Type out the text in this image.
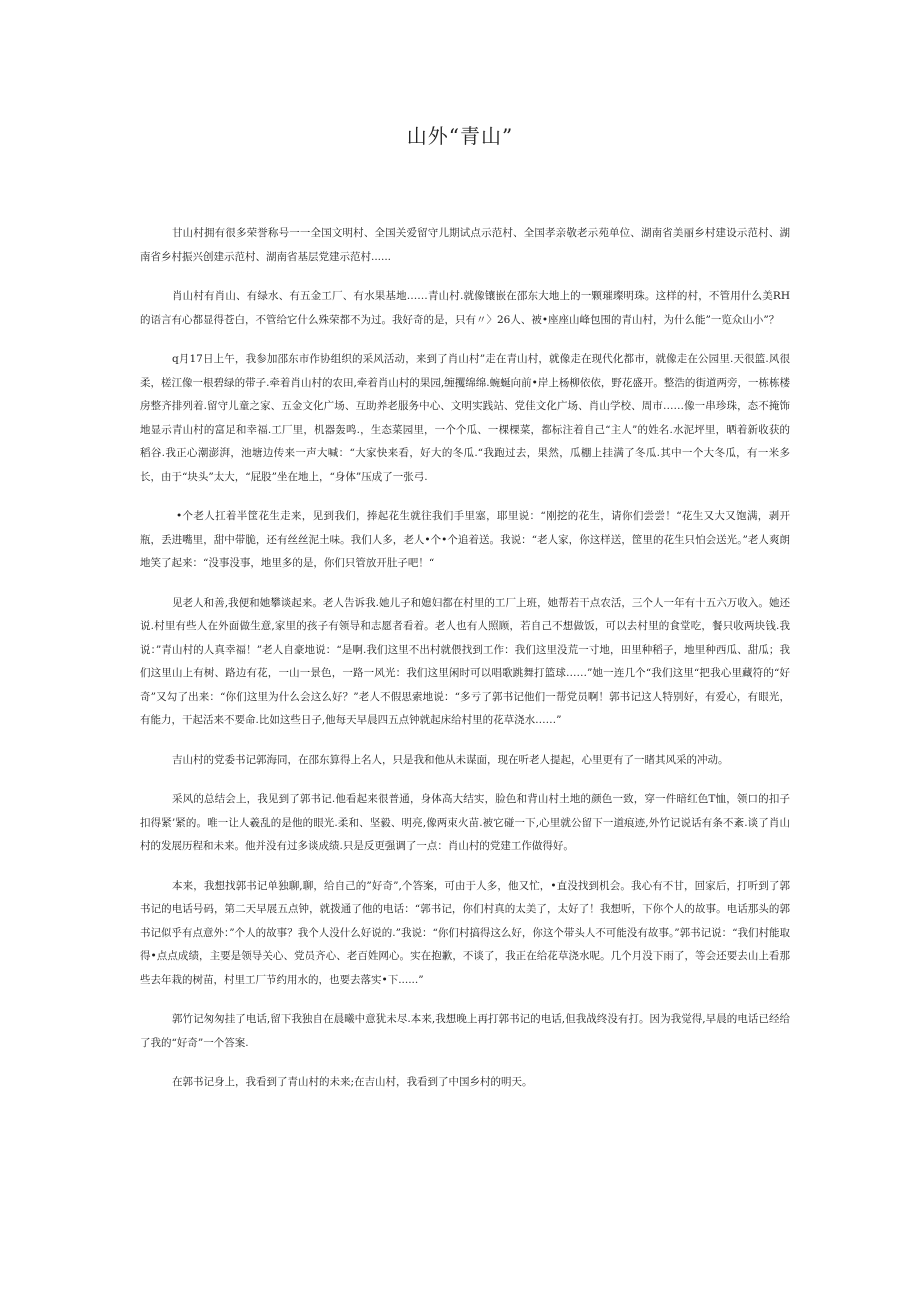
山外“青山”

甘山村拥有很多荣誉称号一一全国文明村、全国关爱留守儿期试点示范村、全国孝亲敬老示苑单位、湖南省美丽乡村建设示范村、湖南省乡村振兴创建示范村、湖南省基层党建示范村......

肖山村有肖山、有绿水、有五金工厂、有水果基地……青山村.就像镶嵌在邵东大地上的一颗璀璨明珠。这样的村，不管用什么美RH的语言有心都显得苍白，不管给它什么殊荣都不为过。我好奇的是，只有〃〉26人、被•座座山峰包围的青山村，为什么能”一览众山小”？

q月17日上午，我参加邵东市作协组织的采风活动，来到了肖山村”走在青山村，就像走在现代化都市，就像走在公园里.天很篮.风很柔，槎江像一根碧绿的带子.牵着肖山村的农田,牵着肖山村的果园,缠攫绵绵.蜿蜒向前•岸上杨柳依依，野花盛开。整浩的街道两旁，一栋栋楼房整齐排列着.留守儿童之家、五金文化广场、互助养老服务中心、文明实践站、党佳文化广场、肖山学校、周市……像一串珍珠，态不掩饰地显示青山村的富足和幸福.工厂里，机器轰鸣.，生态菜园里，一个个瓜、一棵棵菜，都标注着自己“主人”的姓名.水泥坪里，晒着新收获的稻谷.我正心潮澎湃，池塘边传来一声大喊：“大家快来看，好大的冬瓜.“我跑过去，果然，瓜棚上挂满了冬瓜.其中一个大冬瓜，有一米多长，由于“块头”太大，“屁股”坐在地上，“身体”压成了一张弓.

•个老人扛着半筐花生走来，见到我们，捧起花生就往我们手里塞，耶里说：“刚挖的花生，请你们尝尝！“花生又大又饱满，剥开瓶，丢进嘴里，甜中带脆，还有丝丝泥土味。我们人多，老人•个•个追着送。我说：“老人家，你这样送，筐里的花生只怕会送光。”老人爽朗地笑了起来：“没事没事，地里多的是，你们只管放开肚子吧！“

见老人和善,我便和她攀谈起来。老人告诉我.她儿子和媳妇都在村里的工厂上班，她帮若干点农活，三个人一年有十五六万收入。她还说.村里有些人在外面做生意,家里的孩子有领导和志愿者看着。老人也有人照顾，若自己不想做饭，可以去村里的食堂吃，餐只收两块钱.我说：”青山村的人真幸福！”老人自豪地说：“是啊.我们这里不出村就偎找到工作：我们这里没荒一寸地，田里种稻子，地里种西瓜、甜瓜；我们这里山上有树、路边有花，一山一景色，一路一风光：我们这里闲时可以唱歌跳舞打篮球……”她一连几个“我们这里“把我心里藏符的“好奇”又勾了出来：“你们这里为什么会这么好？”老人不假思索地说：“多亏了郭书记他们一帮党员啊！郭书记这人特别好，有爱心，有眼光，有能力，干起活来不要命.比如这些日子,他每天早晨四五点钟就起床给村里的花草浇水……”

吉山村的党委书记郭海同，在邵东算得上名人，只是我和他从未谋面，现在听老人提起，心里更有了一睹其风采的冲动。

采风的总结会上，我见到了郭书记.他看起来很普通，身体高大结实，脸色和背山村土地的颜色一致，穿一件暗红色T恤，领口的扣子扣得紧’紧的。唯一让人羲乱的是他的眼光.柔和、坚毅、明亮,像两束火苗.被它碰一下,心里就公留下一道痕迹,外竹记说话有条不紊.谈了肖山村的发展历程和未来。他并没有过多谈成绩.只是反更强调了一点：肖山村的党建工作做得好。

本来，我想找郭书记单独聊,聊，给自己的”好奇”,个答案，可由于人多，他又忙，•直没找到机会。我心有不甘，回家后，打听到了郭书记的电话号码，第二天早展五点钟，就拨通了他的电话：“郭书记，你们村真的太美了，太好了！我想听，下你个人的故事。电话那头的郭书记似乎有点意外：”个人的故事？我个人没什么好说的.”我说：“你们村搞得这么好，你这个带头人不可能没有故事。”郭书记说：“我们村能取得•点点成绩，主要是领导关心、党员齐心、老百姓网心。实在抱歉，不谈了，我正在给花草浇水呢。几个月没下雨了，等会还要去山上看那些去年栽的树苗，村里工厂节约用水的，也要去落实•下......”

郭竹记匆匆挂了电话,留下我独自在晨曦中意犹未尽.本来,我想晚上再打郭书记的电话,但我战终没有打。因为我觉得,早晨的电话已经给了我的“好奇”一个答案.

在郭书记身上，我看到了青山村的未来;在吉山村，我看到了中国乡村的明天。
